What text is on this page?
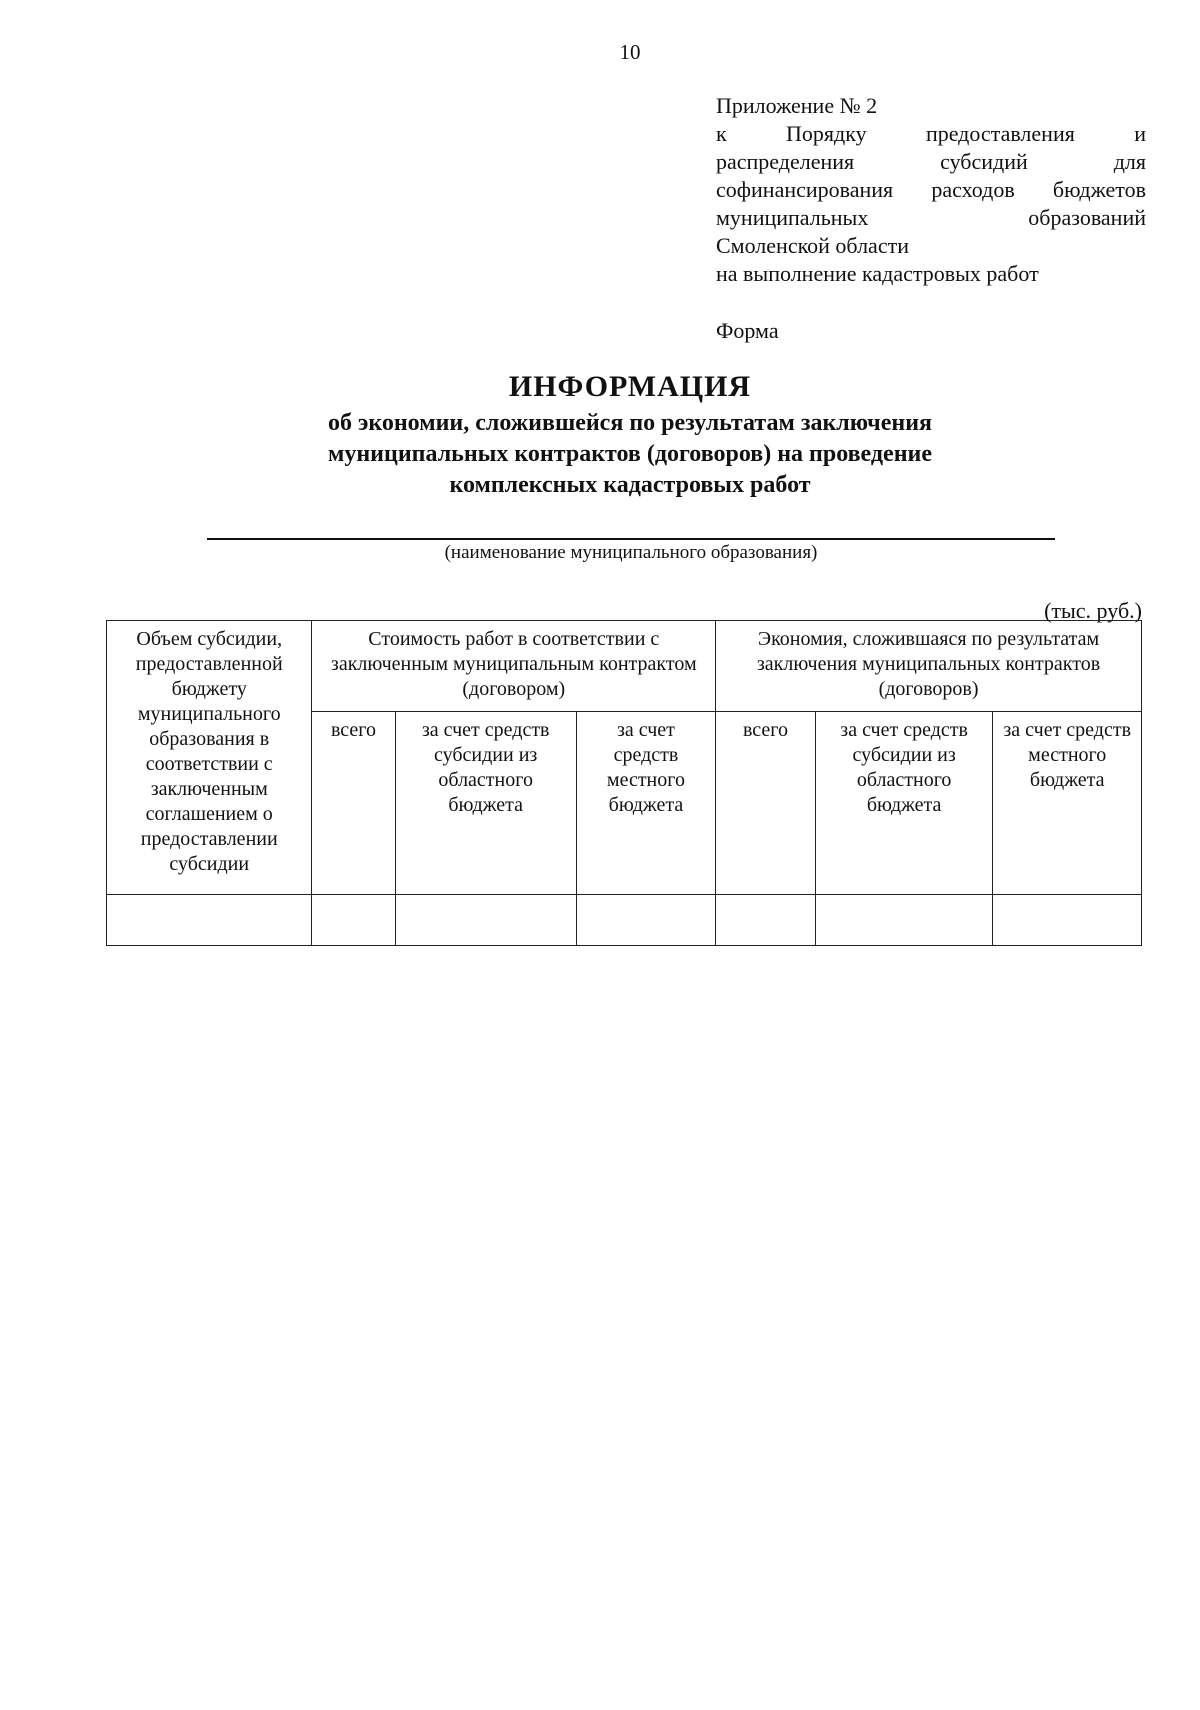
10
Приложение № 2
к	Порядку	предоставления	и
распределения	субсидий	для
софинансирования расходов бюджетов
муниципальных	образований
Смоленской области
на выполнение кадастровых работ
Форма
ИНФОРМАЦИЯ
об экономии, сложившейся по результатам заключения
муниципальных контрактов (договоров) на проведение
комплексных кадастровых работ
(наименование муниципального образования)
(тыс. руб.)
Объем субсидии, предоставленной бюджету муниципального образования в соответствии с заключенным соглашением о предоставлении субсидии	Стоимость работ в соответствии с заключенным муниципальным контрактом (договором)			Экономия, сложившаяся по результатам заключения муниципальных контрактов (договоров)		
	всего	за счет средств субсидии из областного бюджета	за счет средств местного бюджета	всего	за счет средств субсидии из областного бюджета	за счет средств местного бюджета
